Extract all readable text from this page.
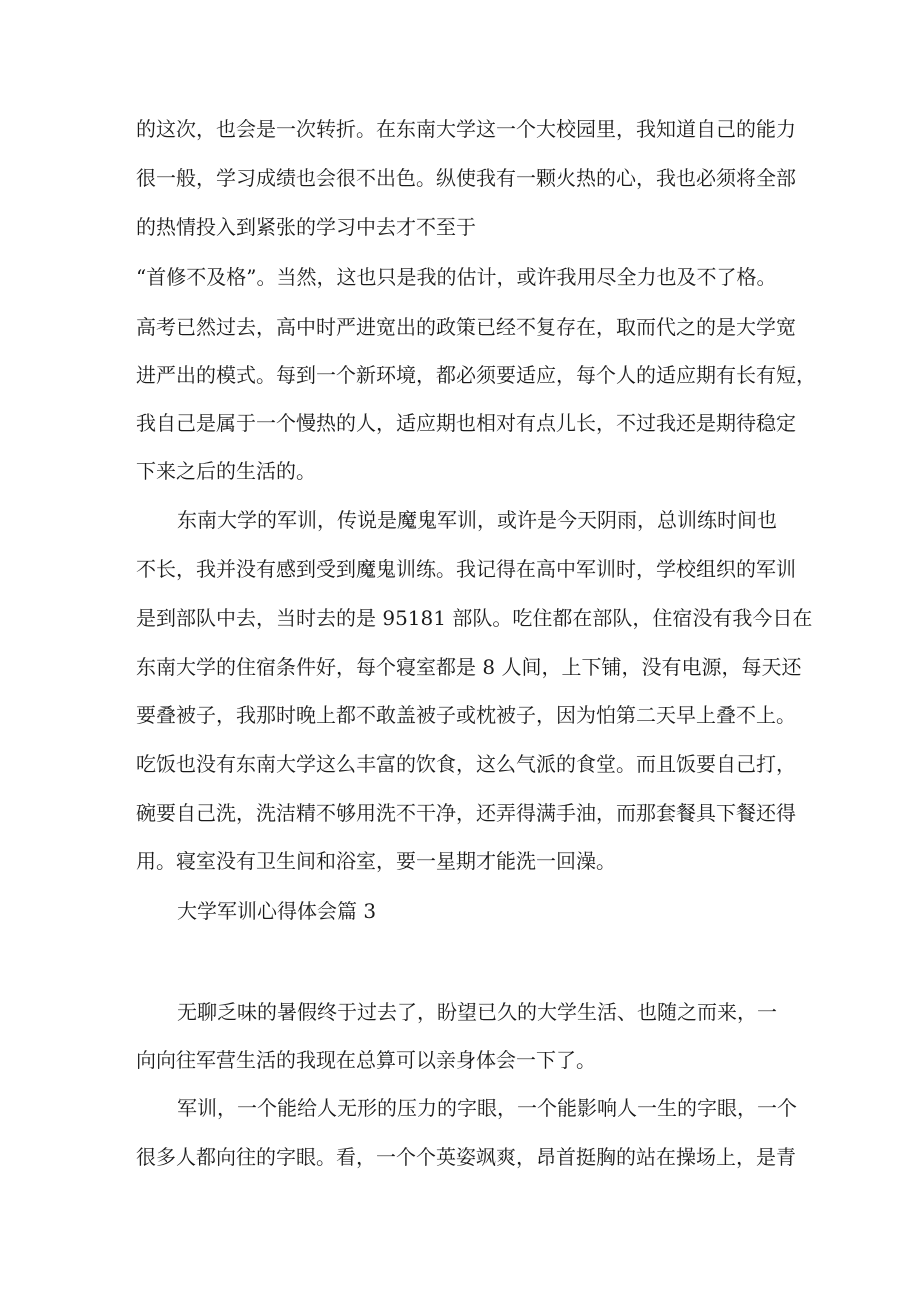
的这次，也会是一次转折。在东南大学这一个大校园里，我知道自己的能力
很一般，学习成绩也会很不出色。纵使我有一颗火热的心，我也必须将全部
的热情投入到紧张的学习中去才不至于
“首修不及格”。当然，这也只是我的估计，或许我用尽全力也及不了格。
高考已然过去，高中时严进宽出的政策已经不复存在，取而代之的是大学宽
进严出的模式。每到一个新环境，都必须要适应，每个人的适应期有长有短，
我自己是属于一个慢热的人，适应期也相对有点儿长，不过我还是期待稳定
下来之后的生活的。
东南大学的军训，传说是魔鬼军训，或许是今天阴雨，总训练时间也
不长，我并没有感到受到魔鬼训练。我记得在高中军训时，学校组织的军训
是到部队中去，当时去的是 95181 部队。吃住都在部队，住宿没有我今日在
东南大学的住宿条件好，每个寝室都是 8 人间，上下铺，没有电源，每天还
要叠被子，我那时晚上都不敢盖被子或枕被子，因为怕第二天早上叠不上。
吃饭也没有东南大学这么丰富的饮食，这么气派的食堂。而且饭要自己打，
碗要自己洗，洗洁精不够用洗不干净，还弄得满手油，而那套餐具下餐还得
用。寝室没有卫生间和浴室，要一星期才能洗一回澡。
大学军训心得体会篇 3
无聊乏味的暑假终于过去了，盼望已久的大学生活、也随之而来，一
向向往军营生活的我现在总算可以亲身体会一下了。
军训，一个能给人无形的压力的字眼，一个能影响人一生的字眼，一个
很多人都向往的字眼。看，一个个英姿飒爽，昂首挺胸的站在操场上，是青
